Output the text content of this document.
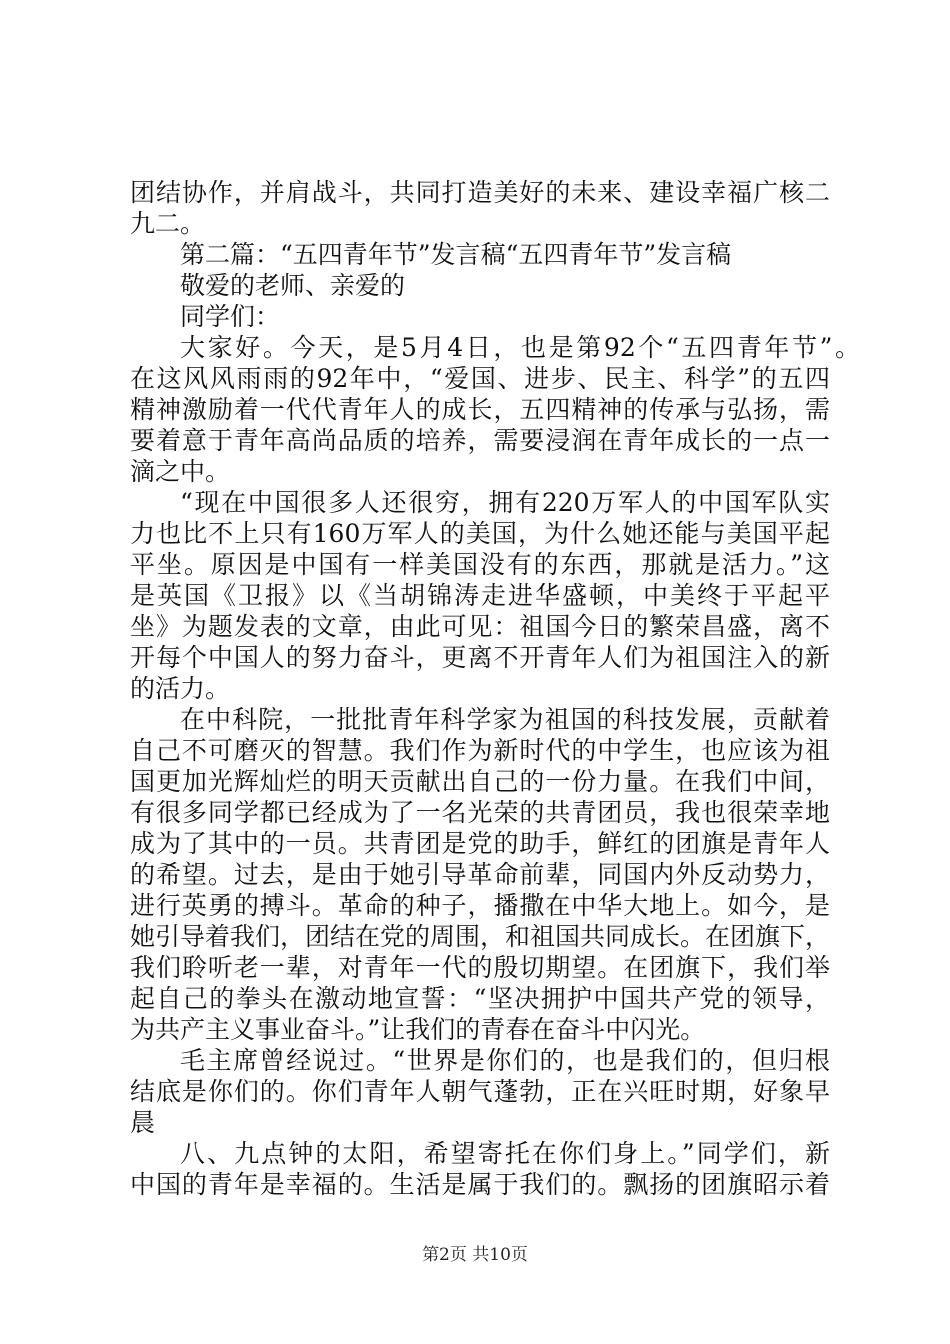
团结协作，并肩战斗，共同打造美好的未来、建设幸福广核二

九二。

第二篇：“五四青年节”发言稿“五四青年节”发言稿

敬爱的老师、亲爱的

同学们：

大家好。今天，是5月4日，也是第92个“五四青年节”。

在这风风雨雨的92年中，“爱国、进步、民主、科学”的五四

精神激励着一代代青年人的成长，五四精神的传承与弘扬，需

要着意于青年高尚品质的培养，需要浸润在青年成长的一点一

滴之中。

“现在中国很多人还很穷，拥有220万军人的中国军队实

力也比不上只有160万军人的美国，为什么她还能与美国平起

平坐。原因是中国有一样美国没有的东西，那就是活力。”这

是英国《卫报》以《当胡锦涛走进华盛顿，中美终于平起平

坐》为题发表的文章，由此可见：祖国今日的繁荣昌盛，离不

开每个中国人的努力奋斗，更离不开青年人们为祖国注入的新

的活力。

在中科院，一批批青年科学家为祖国的科技发展，贡献着

自己不可磨灭的智慧。我们作为新时代的中学生，也应该为祖

国更加光辉灿烂的明天贡献出自己的一份力量。在我们中间，

有很多同学都已经成为了一名光荣的共青团员，我也很荣幸地

成为了其中的一员。共青团是党的助手，鲜红的团旗是青年人

的希望。过去，是由于她引导革命前辈，同国内外反动势力，

进行英勇的搏斗。革命的种子，播撒在中华大地上。如今，是

她引导着我们，团结在党的周围，和祖国共同成长。在团旗下，

我们聆听老一辈，对青年一代的殷切期望。在团旗下，我们举

起自己的拳头在激动地宣誓：“坚决拥护中国共产党的领导，

为共产主义事业奋斗。”让我们的青春在奋斗中闪光。

毛主席曾经说过。“世界是你们的，也是我们的，但归根

结底是你们的。你们青年人朝气蓬勃，正在兴旺时期，好象早

晨

八、九点钟的太阳，希望寄托在你们身上。”同学们，新

中国的青年是幸福的。生活是属于我们的。飘扬的团旗昭示着

第2页 共10页
